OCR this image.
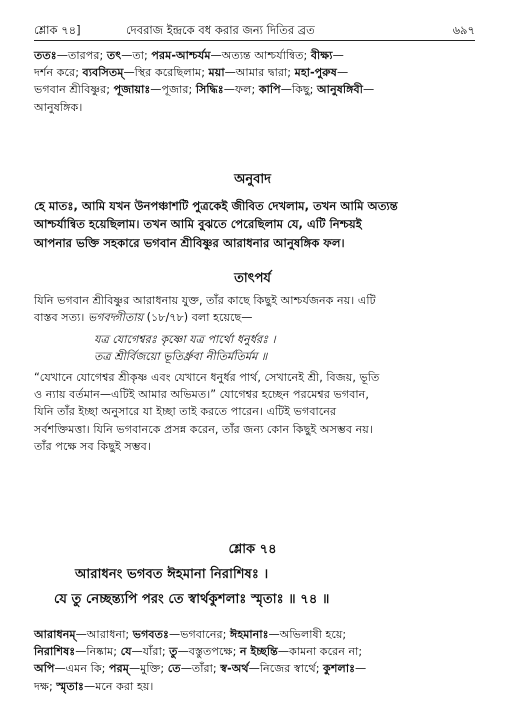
শ্লোক ৭৪]	দেবরাজ ইন্দ্রকে বধ করার জন্য দিতির ব্রত	৬৯৭
ততঃ—তারপর; তৎ—তা; পরম-আশ্চর্যম—অত্যন্ত আশ্চর্যান্বিত; বীক্ষ্য—
দর্শন করে; ব্যবসিতম্—স্থির করেছিলাম; ময়া—আমার দ্বারা; মহা-পুরুষ—
ভগবান শ্রীবিষ্ণুর; পূজায়াঃ—পূজার; সিদ্ধিঃ—ফল; কাপি—কিছু; আনুষঙ্গিবী—
আনুষঙ্গিক।
অনুবাদ
হে মাতঃ, আমি যখন উনপঞ্চাশটি পুত্রকেই জীবিত দেখলাম, তখন আমি অত্যন্ত
আশ্চর্যান্বিত হয়েছিলাম। তখন আমি বুঝতে পেরেছিলাম যে, এটি নিশ্চয়ই
আপনার ভক্তি সহকারে ভগবান শ্রীবিষ্ণুর আরাধনার আনুষঙ্গিক ফল।
তাৎপর্য
যিনি ভগবান শ্রীবিষ্ণুর আরাধনায় যুক্ত, তাঁর কাছে কিছুই আশ্চর্যজনক নয়। এটি
বাস্তব সত্য। ভগবদ্গীতায় (১৮/৭৮) বলা হয়েছে—
যত্র যোগেশ্বরঃ কৃষ্ণো যত্র পার্থো ধনুর্ধরঃ ।
তত্র শ্রীর্বিজয়ো ভূতির্ধ্রুবা নীতির্মতির্মম ॥
“যেখানে যোগেশ্বর শ্রীকৃষ্ণ এবং যেখানে ধনুর্ধর পার্থ, সেখানেই শ্রী, বিজয়, ভূতি
ও ন্যায় বর্তমান—এটিই আমার অভিমত।” যোগেশ্বর হচ্ছেন পরমেশ্বর ভগবান,
যিনি তাঁর ইচ্ছা অনুসারে যা ইচ্ছা তাই করতে পারেন। এটিই ভগবানের
সর্বশক্তিমত্তা। যিনি ভগবানকে প্রসন্ন করেন, তাঁর জন্য কোন কিছুই অসম্ভব নয়।
তাঁর পক্ষে সব কিছুই সম্ভব।
শ্লোক ৭৪
আরাধনং ভগবত ঈহমানা নিরাশিষঃ ।
যে তু নেচ্ছন্ত্যপি পরং তে স্বার্থকুশলাঃ স্মৃতাঃ ॥ ৭৪ ॥
আরাধনম্—আরাধনা; ভগবতঃ—ভগবানের; ঈহমানাঃ—অভিলাষী হয়ে;
নিরাশিষঃ—নিষ্কাম; যে—যাঁরা; তু—বস্তুতপক্ষে; ন ইচ্ছন্তি—কামনা করেন না;
অপি—এমন কি; পরম্—মুক্তি; তে—তাঁরা; স্ব-অর্থ—নিজের স্বার্থে; কুশলাঃ—
দক্ষ; স্মৃতাঃ—মনে করা হয়।
